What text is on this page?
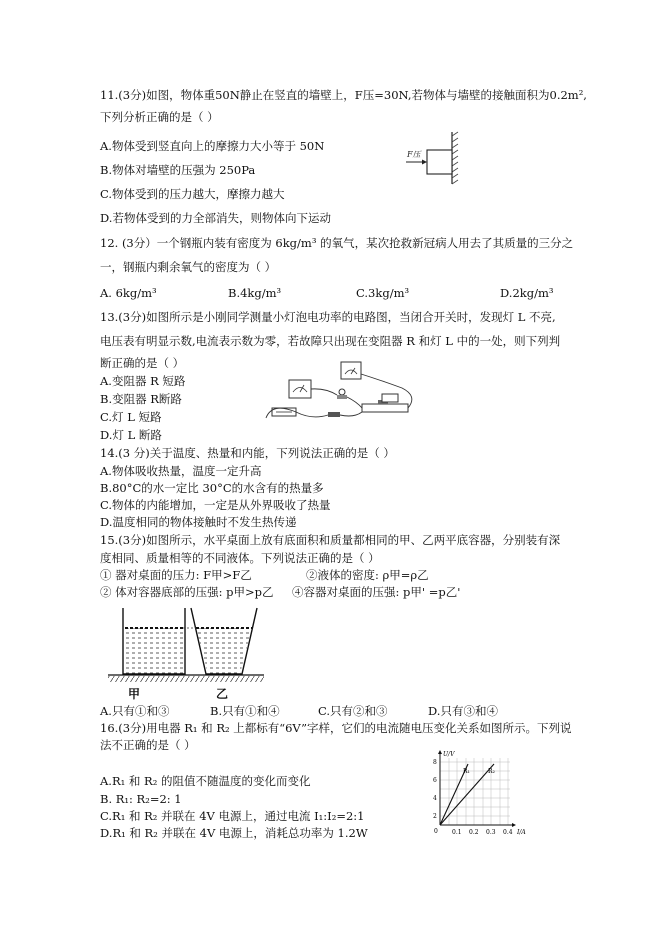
11.(3分)如图，物体重50N静止在竖直的墙壁上，F压=30N,若物体与墙壁的接触面积为0.2m²,
下列分析正确的是（ ）
A.物体受到竖直向上的摩擦力大小等于 50N
B.物体对墙壁的压强为 250Pa
C.物体受到的压力越大，摩擦力越大
D.若物体受到的力全部消失，则物体向下运动
F压
12. (3分）一个钢瓶内装有密度为 6kg/m³ 的氧气，某次抢救新冠病人用去了其质量的三分之
一，钢瓶内剩余氧气的密度为（ ）
A. 6kg/m³	B.4kg/m³	C.3kg/m³	D.2kg/m³
13.(3分)如图所示是小刚同学测量小灯泡电功率的电路图，当闭合开关时，发现灯 L 不亮,
电压表有明显示数,电流表示数为零，若故障只出现在变阻器 R 和灯 L 中的一处，则下列判
断正确的是（ ）
A.变阻器 R 短路
B.变阻器 R断路
C.灯 L 短路
D.灯 L 断路
14.(3 分)关于温度、热量和内能，下列说法正确的是（ ）
A.物体吸收热量，温度一定升高
B.80°C的水一定比 30°C的水含有的热量多
C.物体的内能增加，一定是从外界吸收了热量
D.温度相同的物体接触时不发生热传递
15.(3分)如图所示，水平桌面上放有底面积和质量都相同的甲、乙两平底容器，分别装有深
度相同、质量相等的不同液体。下列说法正确的是（ ）
① 器对桌面的压力: F甲>F乙	②液体的密度: ρ甲=ρ乙
② 体对容器底部的压强: p甲>p乙 ④容器对桌面的压强: p甲' =p乙'
甲	乙
A.只有①和③	B.只有①和④	C.只有②和③	D.只有③和④
16.(3分)用电器 R₁ 和 R₂ 上都标有“6V”字样，它们的电流随电压变化关系如图所示。下列说
法不正确的是（ ）
A.R₁ 和 R₂ 的阻值不随温度的变化而变化
B. R₁: R₂=2: 1
C.R₁ 和 R₂ 并联在 4V 电源上，通过电流 I₁:I₂=2:1
D.R₁ 和 R₂ 并联在 4V 电源上，消耗总功率为 1.2W
U/V
8
6
4
2
0 0.1 0.2 0.3 0.4 I/A
R₁	R₂
